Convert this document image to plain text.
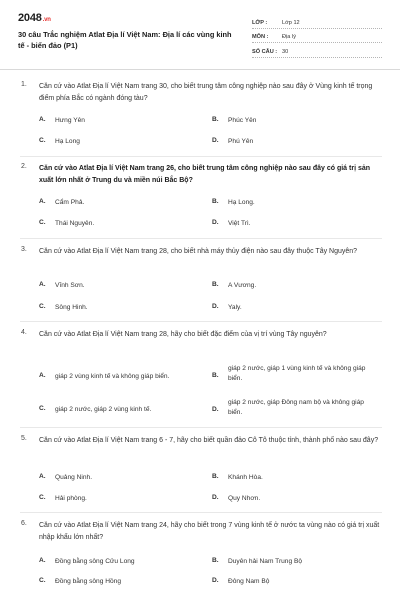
2048.vn
30 câu Trắc nghiệm Atlat Địa lí Việt Nam: Địa lí các vùng kinh tế - biển đảo (P1)
LỚP :	Lớp 12
MÔN :	Địa lý
SỐ CÂU : 30
1. Căn cứ vào Atlat Địa lí Việt Nam trang 30, cho biết trung tâm công nghiệp nào sau đây ở Vùng kinh tế trọng điểm phía Bắc có ngành đóng tàu?
A.	Hưng Yên	B.	Phúc Yên
C.	Hạ Long	D.	Phú Yên
2. Căn cứ vào Atlat Địa lí Việt Nam trang 26, cho biết trung tâm công nghiệp nào sau đây có giá trị sản xuất lớn nhất ở Trung du và miền núi Bắc Bộ?
A.	Cẩm Phả.	B.	Hạ Long.
C.	Thái Nguyên.	D.	Việt Trì.
3. Căn cứ vào Atlat Địa lí Việt Nam trang 28, cho biết nhà máy thủy điện nào sau đây thuộc Tây Nguyên?
A.	Vĩnh Sơn.	B.	A Vương.
C.	Sông Hinh.	D.	Yaly.
4. Căn cứ vào Atlat Địa lí Việt Nam trang 28, hãy cho biết đặc điểm của vị trí vùng Tây nguyên?
A.	giáp 2 vùng kinh tế và không giáp biển.	B.
giáp 2 nước, giáp 1 vùng kinh tế và không giáp biển.
C.	giáp 2 nước, giáp 2 vùng kinh tế.	D.
giáp 2 nước, giáp Đông nam bộ và không giáp biển.
5. Căn cứ vào Atlat Địa lí Việt Nam trang 6 - 7, hãy cho biết quần đảo Cô Tô thuộc tỉnh, thành phố nào sau đây?
A.	Quảng Ninh.	B.	Khánh Hòa.
C.	Hải phòng.	D.	Quy Nhơn.
6. Căn cứ vào Atlat Địa lí Việt Nam trang 24, hãy cho biết trong 7 vùng kinh tế ở nước ta vùng nào có giá trị xuất nhập khẩu lớn nhất?
A.	Đồng bằng sông Cửu Long	B.	Duyên hải Nam Trung Bộ
C.	Đồng bằng sông Hồng	D.	Đông Nam Bộ
